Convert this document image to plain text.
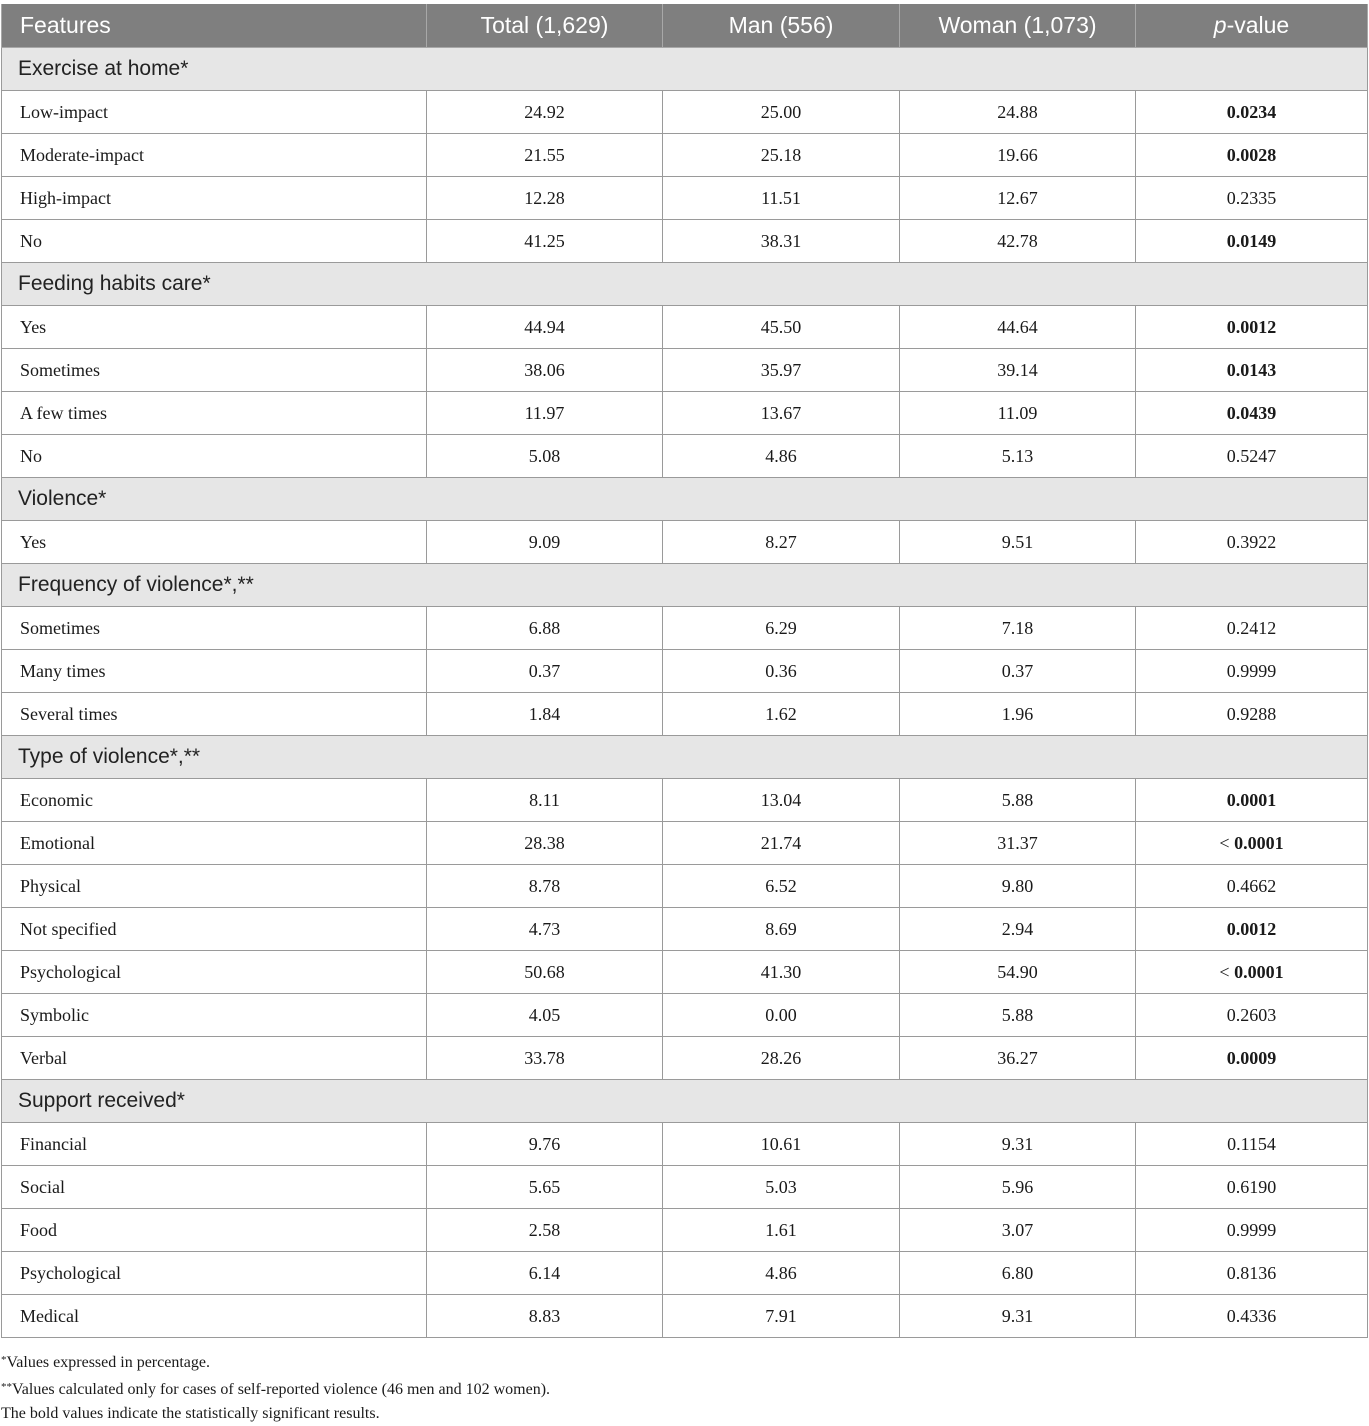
Features	Total (1,629)	Man (556)	Woman (1,073)	p-value
Exercise at home*				
Low-impact	24.92	25.00	24.88	0.0234
Moderate-impact	21.55	25.18	19.66	0.0028
High-impact	12.28	11.51	12.67	0.2335
No	41.25	38.31	42.78	0.0149
Feeding habits care*				
Yes	44.94	45.50	44.64	0.0012
Sometimes	38.06	35.97	39.14	0.0143
A few times	11.97	13.67	11.09	0.0439
No	5.08	4.86	5.13	0.5247
Violence*				
Yes	9.09	8.27	9.51	0.3922
Frequency of violence*,**				
Sometimes	6.88	6.29	7.18	0.2412
Many times	0.37	0.36	0.37	0.9999
Several times	1.84	1.62	1.96	0.9288
Type of violence*,**				
Economic	8.11	13.04	5.88	0.0001
Emotional	28.38	21.74	31.37	< 0.0001
Physical	8.78	6.52	9.80	0.4662
Not specified	4.73	8.69	2.94	0.0012
Psychological	50.68	41.30	54.90	< 0.0001
Symbolic	4.05	0.00	5.88	0.2603
Verbal	33.78	28.26	36.27	0.0009
Support received*				
Financial	9.76	10.61	9.31	0.1154
Social	5.65	5.03	5.96	0.6190
Food	2.58	1.61	3.07	0.9999
Psychological	6.14	4.86	6.80	0.8136
Medical	8.83	7.91	9.31	0.4336
*Values expressed in percentage.
**Values calculated only for cases of self-reported violence (46 men and 102 women).
The bold values indicate the statistically significant results.
